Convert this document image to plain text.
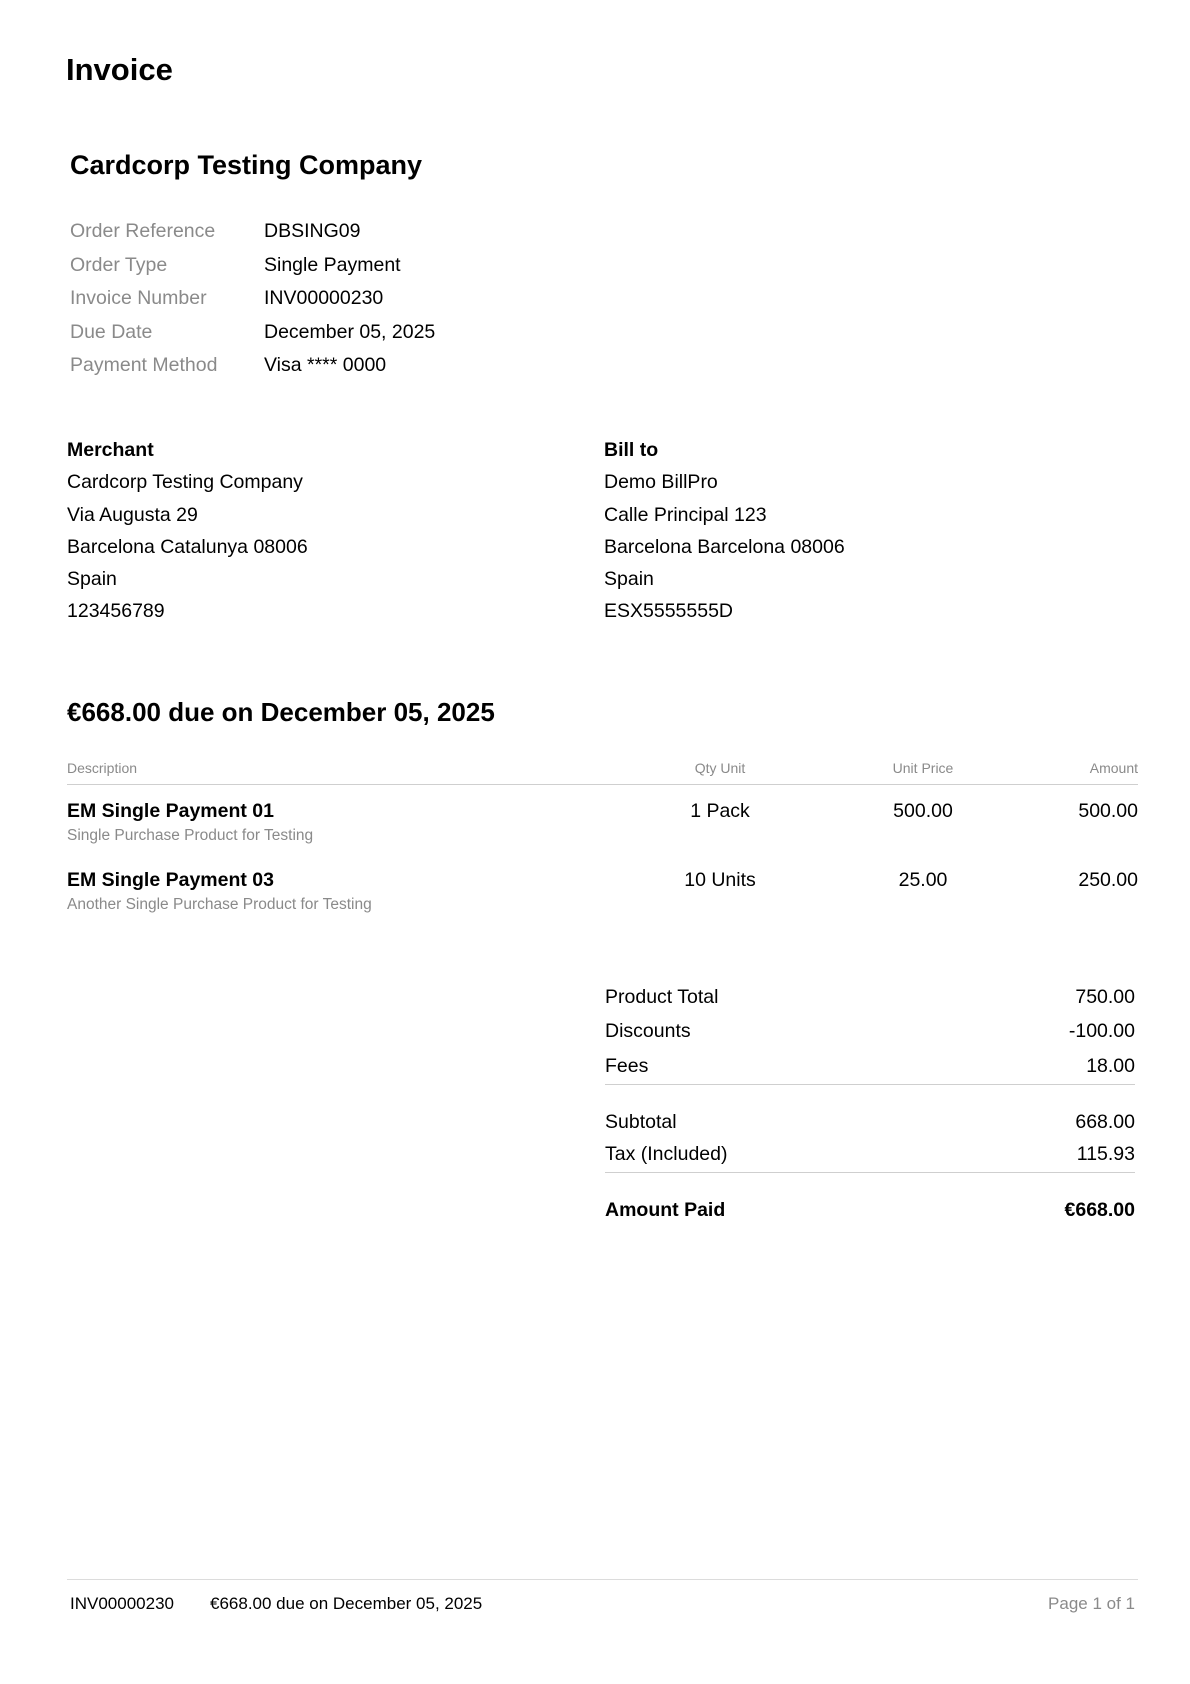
Invoice
Cardcorp Testing Company
Order Reference	DBSING09
Order Type	Single Payment
Invoice Number	INV00000230
Due Date	December 05, 2025
Payment Method	Visa **** 0000
Merchant
Cardcorp Testing Company
Via Augusta 29
Barcelona Catalunya 08006
Spain
123456789
Bill to
Demo BillPro
Calle Principal 123
Barcelona Barcelona 08006
Spain
ESX5555555D
€668.00 due on December 05, 2025
Description	Qty Unit	Unit Price	Amount

EM Single Payment 01
Single Purchase Product for Testing	1 Pack	500.00	500.00

EM Single Payment 03
Another Single Purchase Product for Testing	10 Units	25.00	250.00
Product Total	750.00
Discounts	-100.00
Fees	18.00
Subtotal	668.00
Tax (Included)	115.93
Amount Paid	€668.00
INV00000230 €668.00 due on December 05, 2025	Page 1 of 1
